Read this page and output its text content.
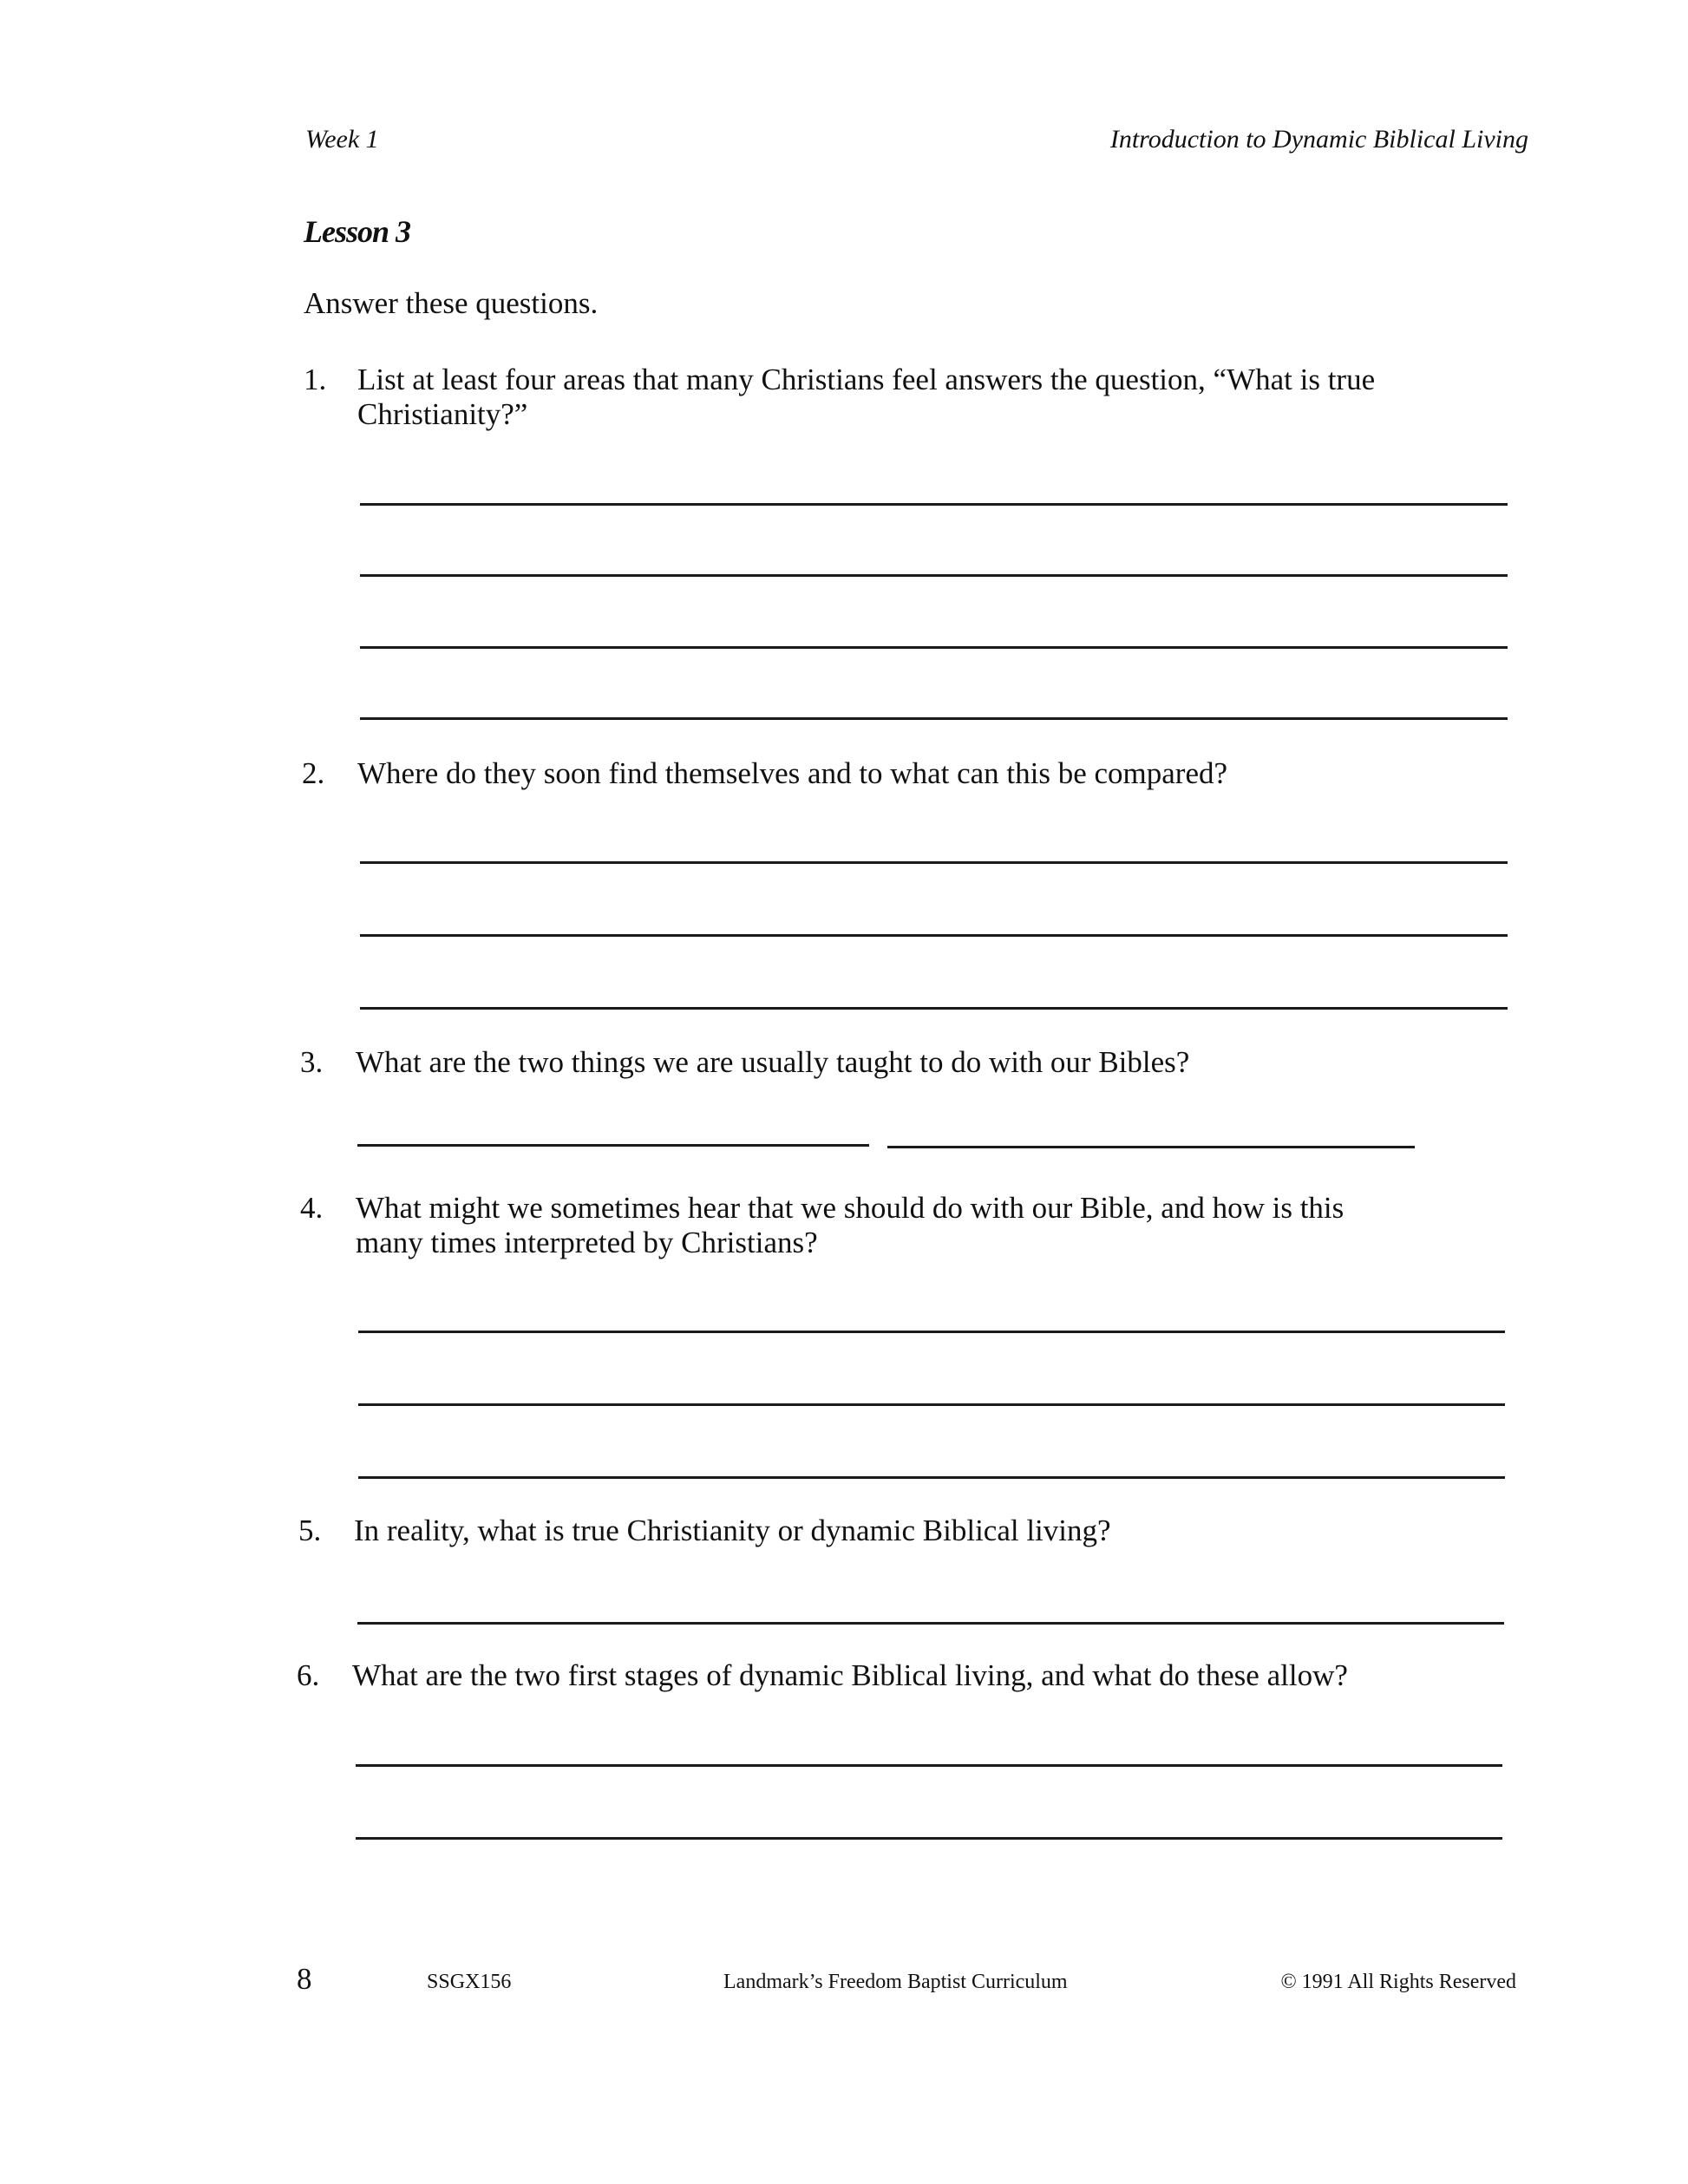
Week 1	Introduction to Dynamic Biblical Living
Lesson 3
Answer these questions.
1. List at least four areas that many Christians feel answers the question, “What is true
Christianity?”
2. Where do they soon find themselves and to what can this be compared?
3. What are the two things we are usually taught to do with our Bibles?
4. What might we sometimes hear that we should do with our Bible, and how is this
many times interpreted by Christians?
5. In reality, what is true Christianity or dynamic Biblical living?
6. What are the two first stages of dynamic Biblical living, and what do these allow?
8	SSGX156	Landmark’s Freedom Baptist Curriculum	© 1991 All Rights Reserved
